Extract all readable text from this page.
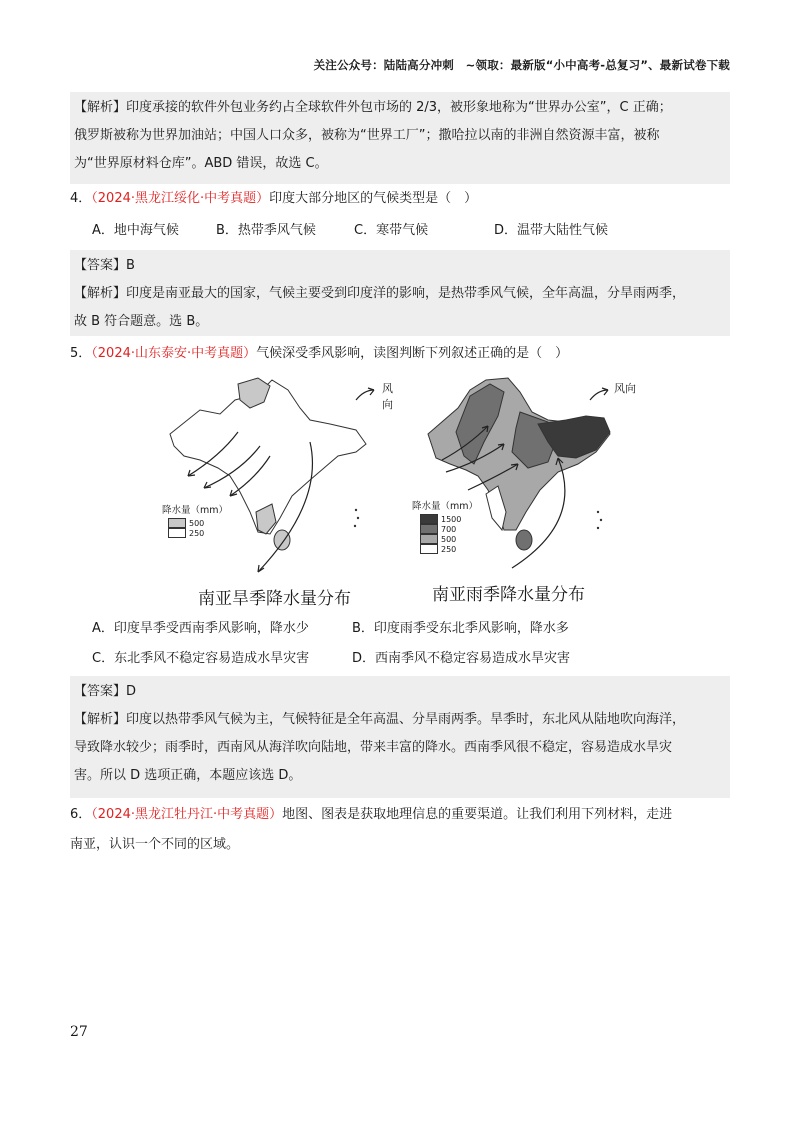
关注公众号：陆陆高分冲刺　~领取：最新版“小中高考-总复习”、最新试卷下载
【解析】印度承接的软件外包业务约占全球软件外包市场的 2/3，被形象地称为“世界办公室”，C 正确；
俄罗斯被称为世界加油站；中国人口众多，被称为“世界工厂”；撒哈拉以南的非洲自然资源丰富，被称
为“世界原材料仓库”。ABD 错误，故选 C。
4．（2024·黑龙江绥化·中考真题）印度大部分地区的气候类型是（　）
A．地中海气候	B．热带季风气候	C．寒带气候	D．温带大陆性气候
【答案】B
【解析】印度是南亚最大的国家，气候主要受到印度洋的影响，是热带季风气候，全年高温，分旱雨两季，
故 B 符合题意。选 B。
5．（2024·山东泰安·中考真题）气候深受季风影响，读图判断下列叙述正确的是（　）
风向
降水量（mm）
500
250
南亚旱季降水量分布
风向
降水量（mm）
1500
700
500
250
南亚雨季降水量分布
A．印度旱季受西南季风影响，降水少	B．印度雨季受东北季风影响，降水多
C．东北季风不稳定容易造成水旱灾害	D．西南季风不稳定容易造成水旱灾害
【答案】D
【解析】印度以热带季风气候为主，气候特征是全年高温、分旱雨两季。旱季时，东北风从陆地吹向海洋，
导致降水较少；雨季时，西南风从海洋吹向陆地，带来丰富的降水。西南季风很不稳定，容易造成水旱灾
害。所以 D 选项正确，本题应该选 D。
6．（2024·黑龙江牡丹江·中考真题）地图、图表是获取地理信息的重要渠道。让我们利用下列材料，走进
南亚，认识一个不同的区域。
27
